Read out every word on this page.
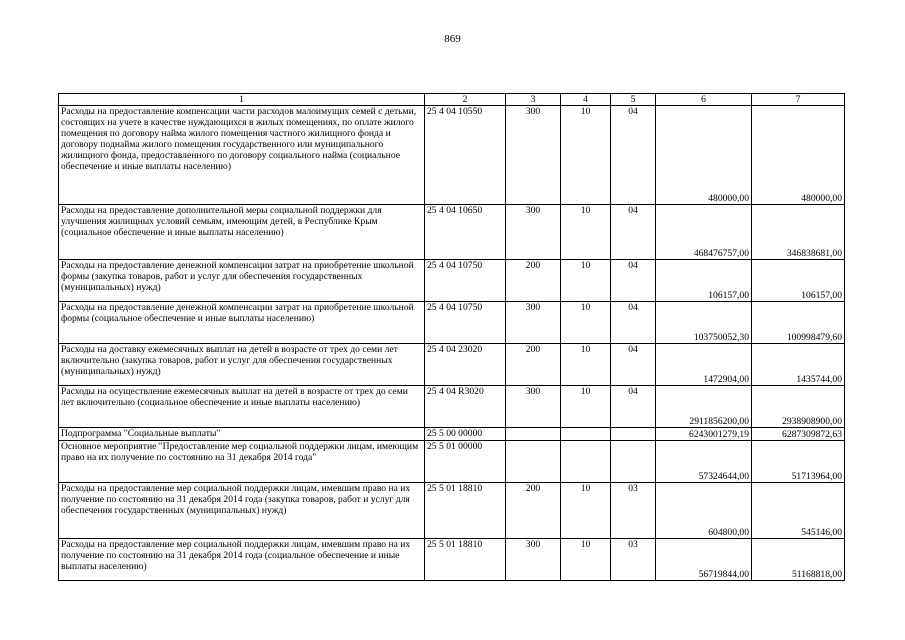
869
1	2	3	4	5	6	7
Расходы на предоставление компенсации части расходов малоимущих семей с детьми, состоящих на учете в качестве нуждающихся в жилых помещениях, по оплате жилого помещения по договору найма жилого помещения частного жилищного фонда и договору поднайма жилого помещения государственного или муниципального жилищного фонда, предоставленного по договору социального найма (социальное обеспечение и иные выплаты населению)	25 4 04 10550	300	10	04	480000,00	480000,00
Расходы на предоставление дополнительной меры социальной поддержки для улучшения жилищных условий семьям, имеющим детей, в Республике Крым (социальное обеспечение и иные выплаты населению)	25 4 04 10650	300	10	04	468476757,00	346838681,00
Расходы на предоставление денежной компенсации затрат на приобретение школьной формы (закупка товаров, работ и услуг для обеспечения государственных (муниципальных) нужд)	25 4 04 10750	200	10	04	106157,00	106157,00
Расходы на предоставление денежной компенсации затрат на приобретение школьной формы (социальное обеспечение и иные выплаты населению)	25 4 04 10750	300	10	04	103750052,30	100998479,60
Расходы на доставку ежемесячных выплат на детей в возрасте от трех до семи лет включительно (закупка товаров, работ и услуг для обеспечения государственных (муниципальных) нужд)	25 4 04 23020	200	10	04	1472904,00	1435744,00
Расходы на осуществление ежемесячных выплат на детей в возрасте от трех до семи лет включительно (социальное обеспечение и иные выплаты населению)	25 4 04 R3020	300	10	04	2911856200,00	2938908900,00
Подпрограмма "Социальные выплаты"	25 5 00 00000				6243001279,19	6287309872,63
Основное мероприятие "Предоставление мер социальной поддержки лицам, имеющим право на их получение по состоянию на 31 декабря 2014 года"	25 5 01 00000				57324644,00	51713964,00
Расходы на предоставление мер социальной поддержки лицам, имевшим право на их получение по состоянию на 31 декабря 2014 года (закупка товаров, работ и услуг для обеспечения государственных (муниципальных) нужд)	25 5 01 18810	200	10	03	604800,00	545146,00
Расходы на предоставление мер социальной поддержки лицам, имевшим право на их получение по состоянию на 31 декабря 2014 года (социальное обеспечение и иные выплаты населению)	25 5 01 18810	300	10	03	56719844,00	51168818,00
